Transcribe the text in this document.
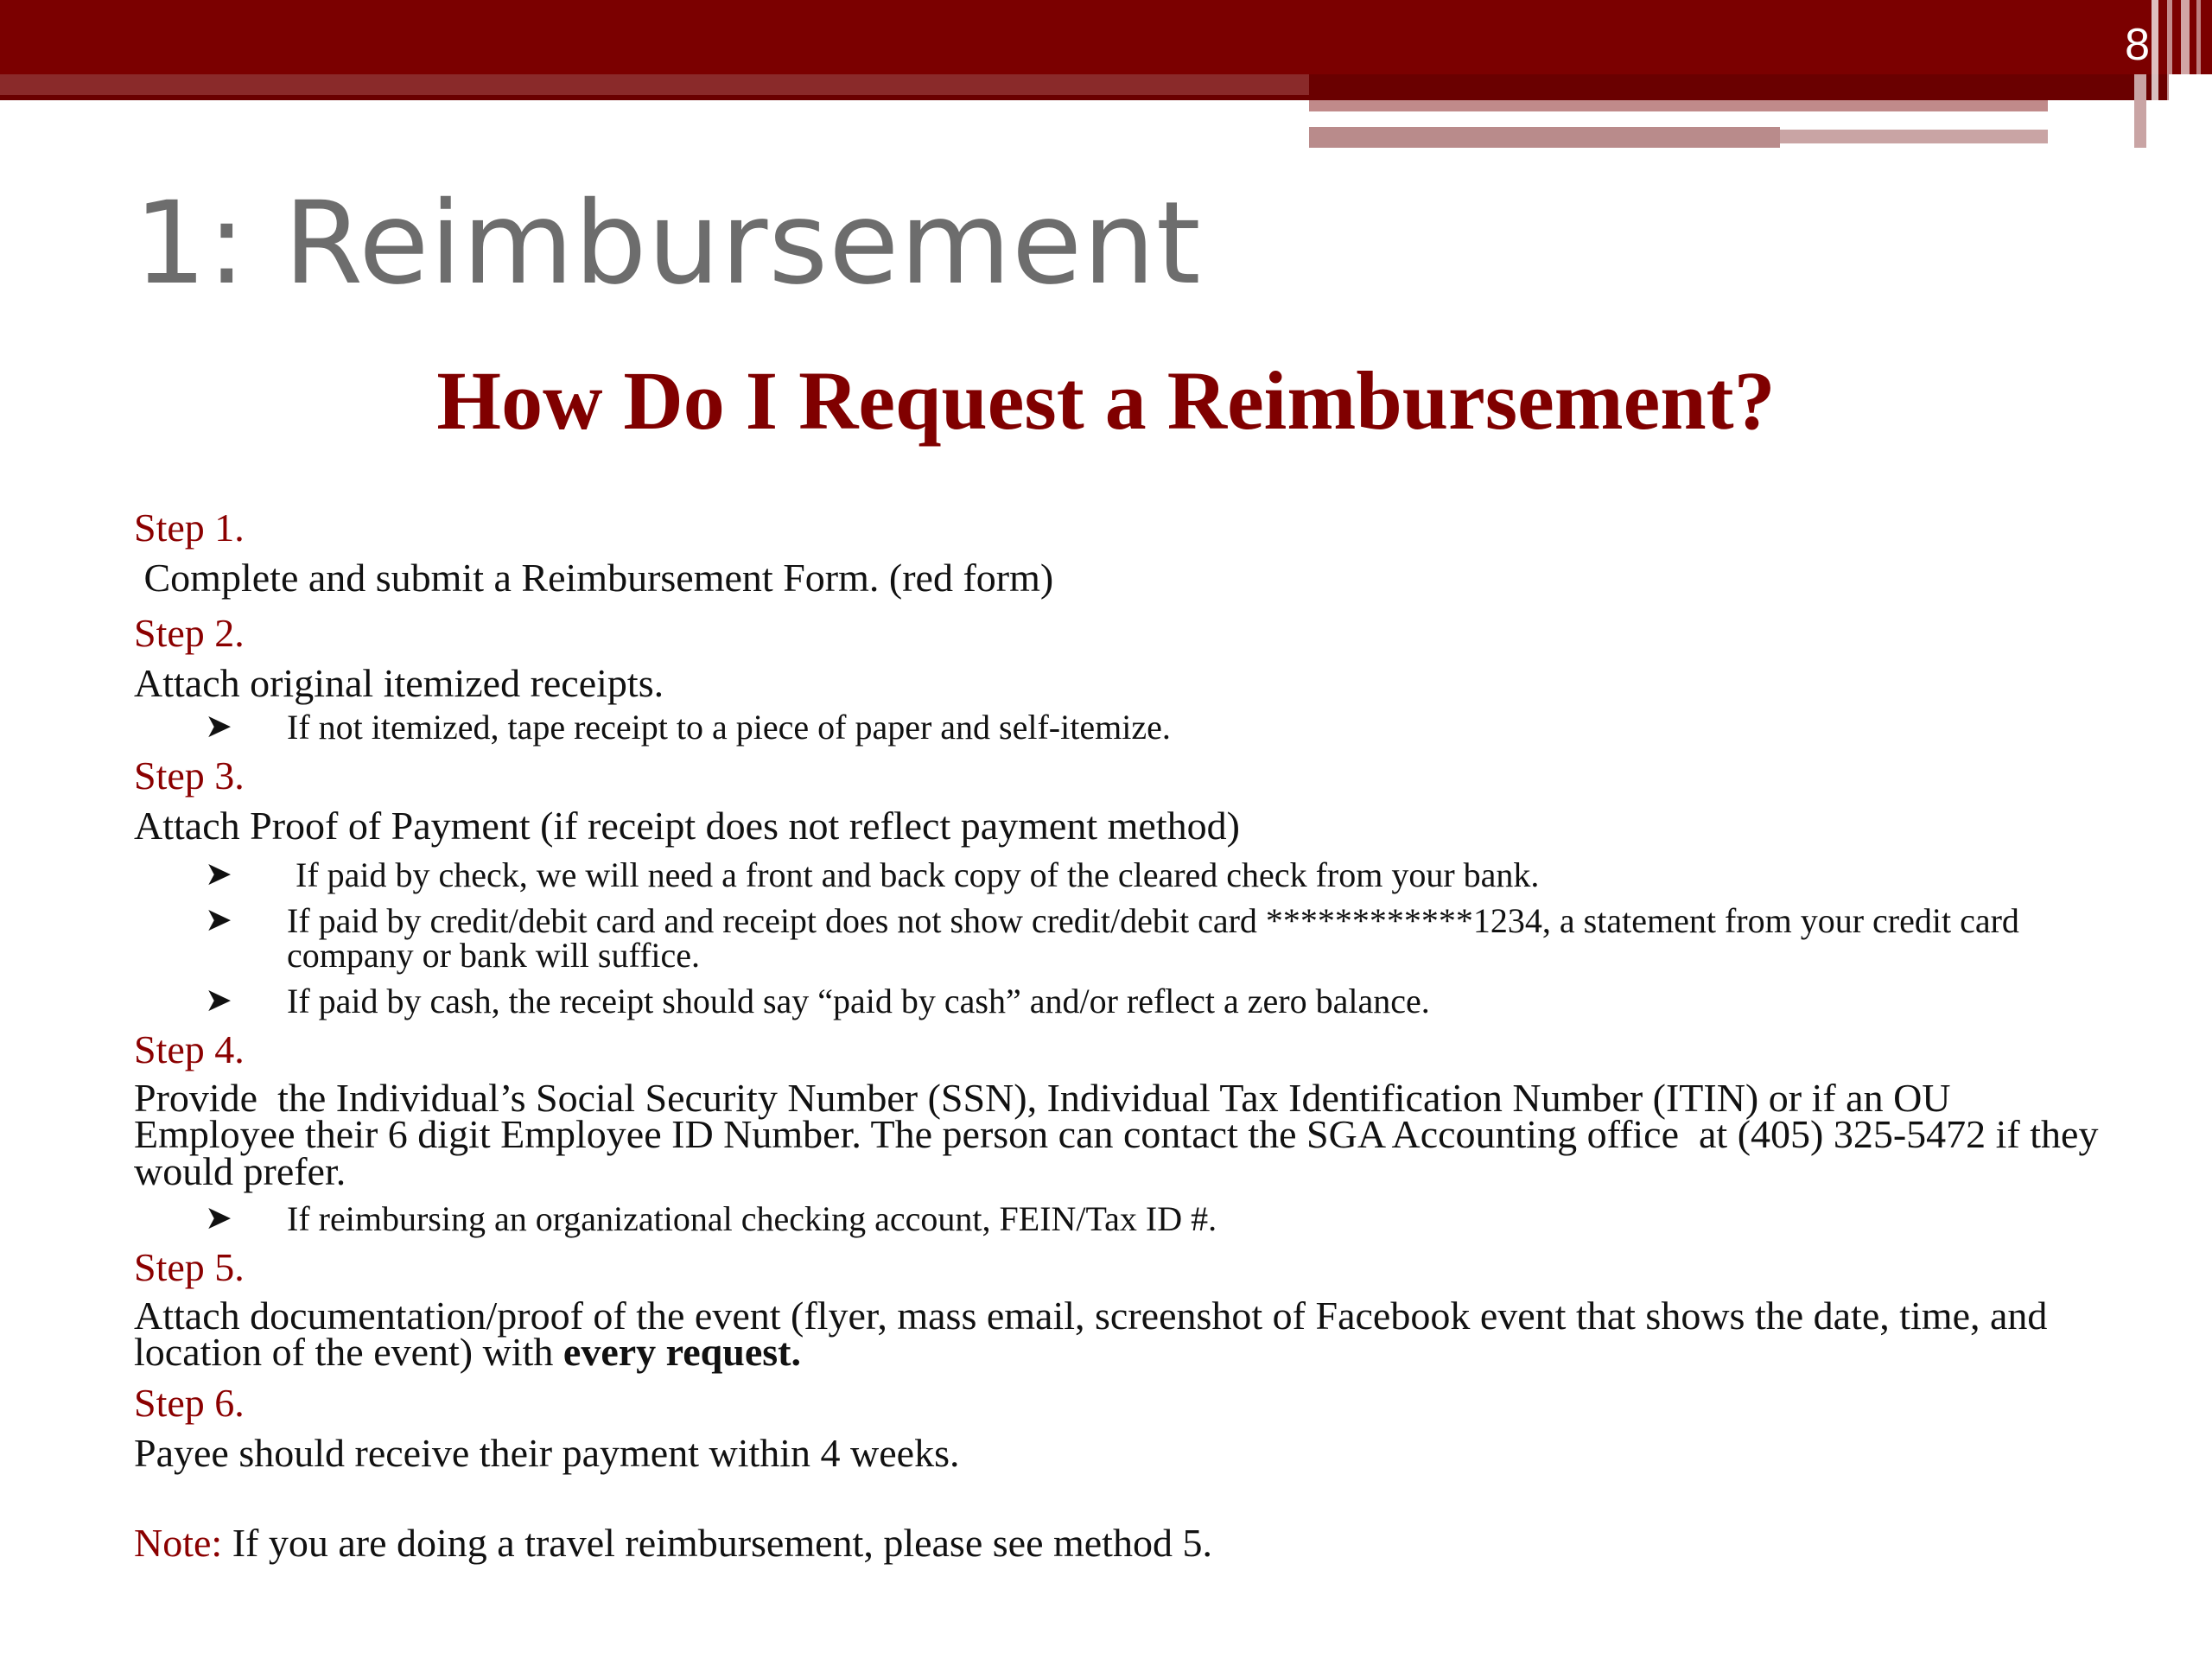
8
1: Reimbursement
How Do I Request a Reimbursement?
Step 1.
Complete and submit a Reimbursement Form. (red form)
Step 2.
Attach original itemized receipts.
➤ If not itemized, tape receipt to a piece of paper and self-itemize.
Step 3.
Attach Proof of Payment (if receipt does not reflect payment method)
➤ If paid by check, we will need a front and back copy of the cleared check from your bank.
➤ If paid by credit/debit card and receipt does not show credit/debit card ************1234, a statement from your credit card company or bank will suffice.
➤ If paid by cash, the receipt should say “paid by cash” and/or reflect a zero balance.
Step 4.
Provide  the Individual’s Social Security Number (SSN), Individual Tax Identification Number (ITIN) or if an OU Employee their 6 digit Employee ID Number. The person can contact the SGA Accounting office  at (405) 325-5472 if they would prefer.
➤ If reimbursing an organizational checking account, FEIN/Tax ID #.
Step 5.
Attach documentation/proof of the event (flyer, mass email, screenshot of Facebook event that shows the date, time, and location of the event) with every request.
Step 6.
Payee should receive their payment within 4 weeks.
Note: If you are doing a travel reimbursement, please see method 5.
